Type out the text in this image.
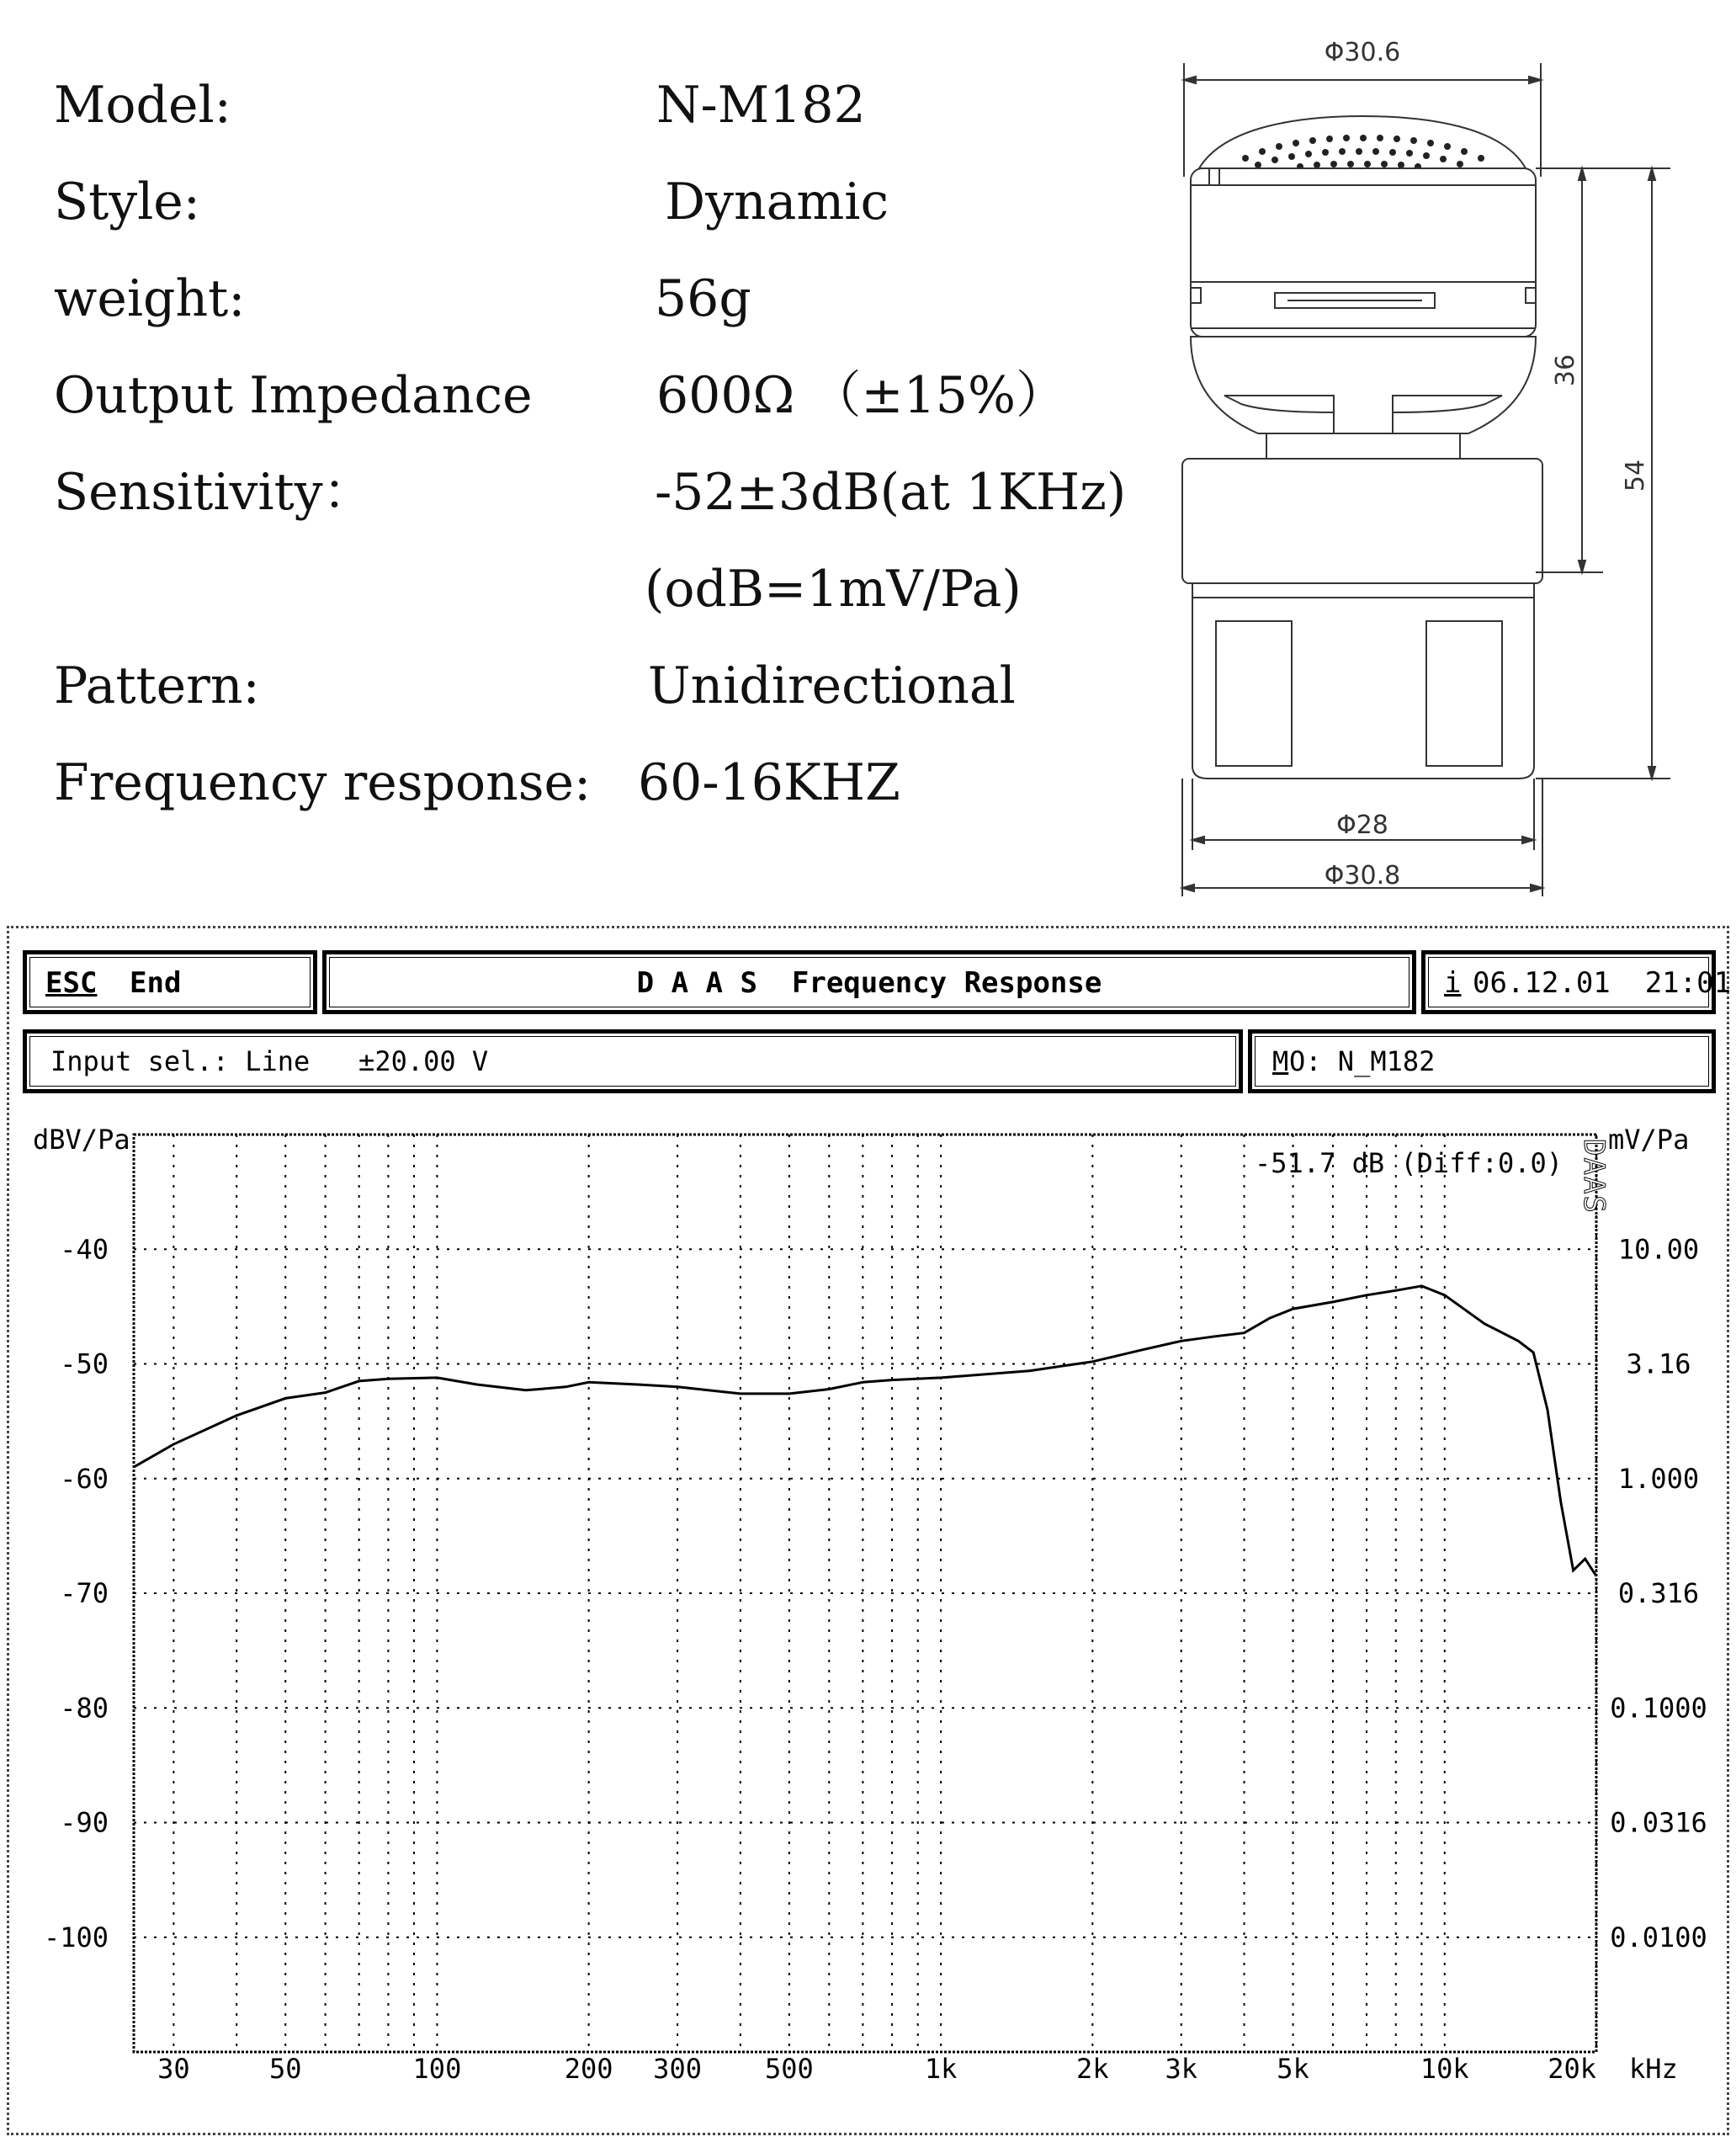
Model:	N-M182
Style:	Dynamic
weight:	56g
Output Impedance 600Ω （±15%）
Sensitivity：	-52±3dB(at 1KHz)
(odB=1mV/Pa)
Pattern:	Unidirectional
Frequency response: 60-16KHZ
Φ30.6
36
54
Φ28
Φ30.8
ESC End	D A A S  Frequency Response	i 06.12.01  21:01
Input sel.: Line   ±20.00 V	M O: N_M182
-40
-50
-60
-70
-80
-90
-100
10.00
3.16
1.000
0.316
0.1000
0.0316
0.0100
30	50	100	200 300 500	1k	2k 3k	5k	10k	20k
dBV/Pa	mV/Pa
kHz
-51.7 dB (Diff:0.0) DAAS
